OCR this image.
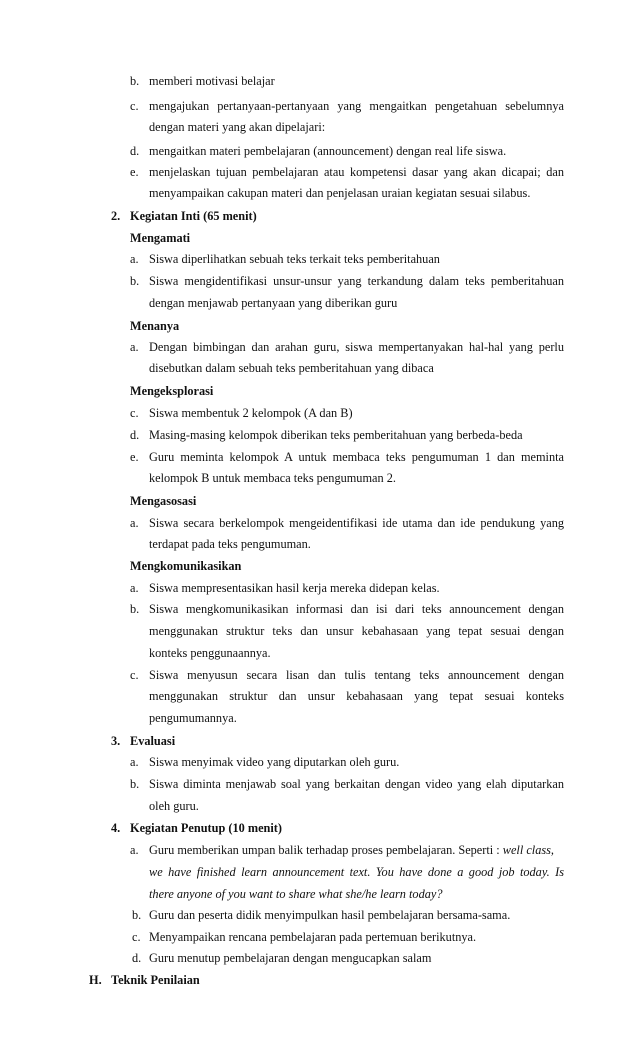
b. memberi motivasi belajar
c. mengajukan pertanyaan-pertanyaan yang mengaitkan pengetahuan sebelumnya
dengan materi yang akan dipelajari:
d. mengaitkan materi pembelajaran (announcement) dengan real life siswa.
e. menjelaskan tujuan pembelajaran atau kompetensi dasar yang akan dicapai; dan
menyampaikan cakupan materi dan penjelasan uraian kegiatan sesuai silabus.
2. Kegiatan Inti (65 menit)
Mengamati
a. Siswa diperlihatkan sebuah teks terkait teks pemberitahuan
b. Siswa mengidentifikasi unsur-unsur yang terkandung dalam teks pemberitahuan
dengan menjawab pertanyaan yang diberikan guru
Menanya
a. Dengan bimbingan dan arahan guru, siswa mempertanyakan hal-hal yang perlu
disebutkan dalam sebuah teks pemberitahuan yang dibaca
Mengeksplorasi
c. Siswa membentuk 2 kelompok (A dan B)
d. Masing-masing kelompok diberikan teks pemberitahuan yang berbeda-beda
e. Guru meminta kelompok A untuk membaca teks pengumuman 1 dan meminta
kelompok B untuk membaca teks pengumuman 2.
Mengasosasi
a. Siswa secara berkelompok mengeidentifikasi ide utama dan ide pendukung yang
terdapat pada teks pengumuman.
Mengkomunikasikan
a. Siswa mempresentasikan hasil kerja mereka didepan kelas.
b. Siswa mengkomunikasikan informasi dan isi dari teks announcement dengan
menggunakan struktur teks dan unsur kebahasaan yang tepat sesuai dengan
konteks penggunaannya.
c. Siswa menyusun secara lisan dan tulis tentang teks announcement dengan
menggunakan struktur dan unsur kebahasaan yang tepat sesuai konteks
pengumumannya.
3. Evaluasi
a. Siswa menyimak video yang diputarkan oleh guru.
b. Siswa diminta menjawab soal yang berkaitan dengan video yang elah diputarkan
oleh guru.
4. Kegiatan Penutup (10 menit)
a. Guru memberikan umpan balik terhadap proses pembelajaran. Seperti : well class,
we have finished learn announcement text. You have done a good job today. Is
there anyone of you want to share what she/he learn today?
b. Guru dan peserta didik menyimpulkan hasil pembelajaran bersama-sama.
c. Menyampaikan rencana pembelajaran pada pertemuan berikutnya.
d. Guru menutup pembelajaran dengan mengucapkan salam
H. Teknik Penilaian
